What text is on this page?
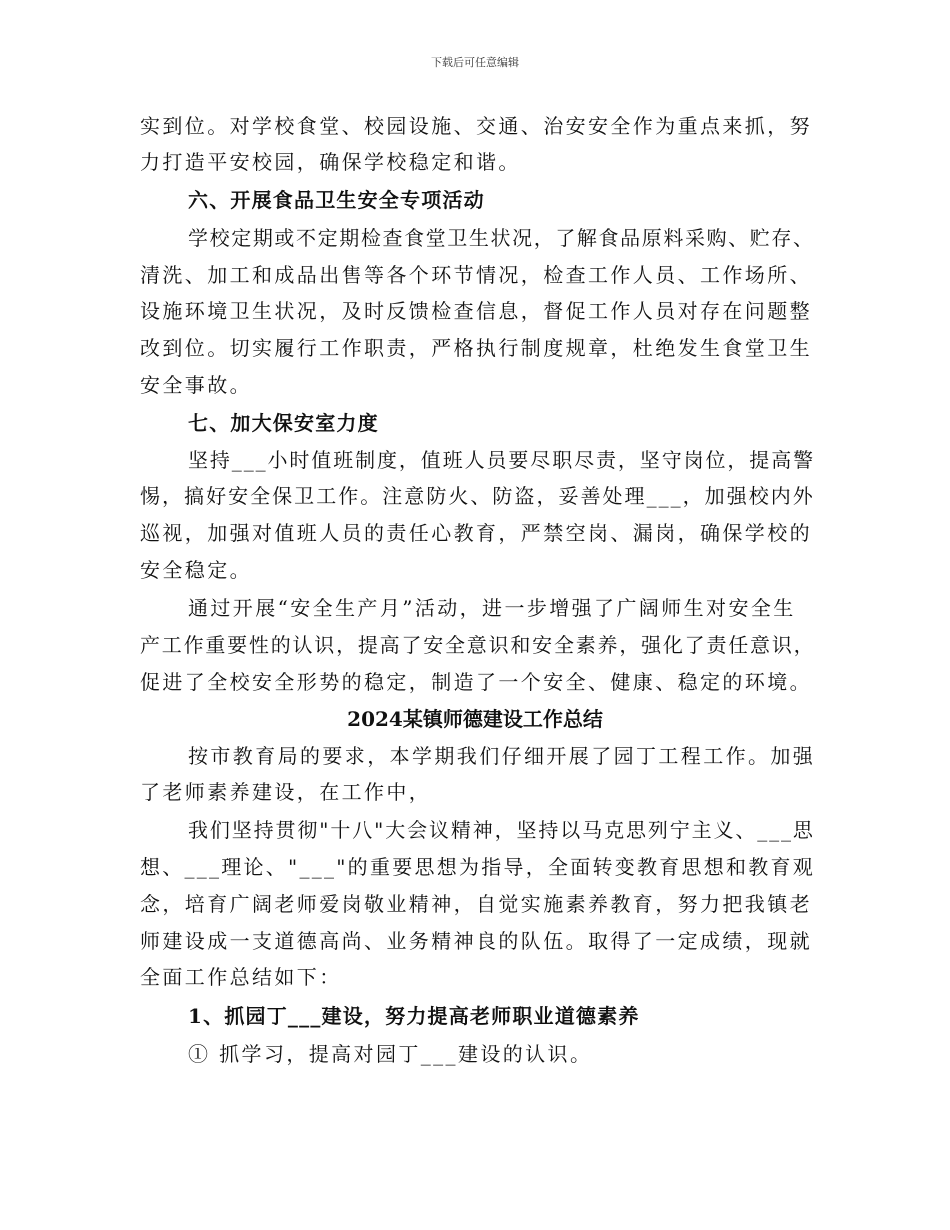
下载后可任意编辑
实到位。对学校食堂、校园设施、交通、治安安全作为重点来抓，努
力打造平安校园，确保学校稳定和谐。
六、开展食品卫生安全专项活动
学校定期或不定期检查食堂卫生状况，了解食品原料采购、贮存、
清洗、加工和成品出售等各个环节情况，检查工作人员、工作场所、
设施环境卫生状况，及时反馈检查信息，督促工作人员对存在问题整
改到位。切实履行工作职责，严格执行制度规章，杜绝发生食堂卫生
安全事故。
七、加大保安室力度
坚持___小时值班制度，值班人员要尽职尽责，坚守岗位，提高警
惕，搞好安全保卫工作。注意防火、防盗，妥善处理___，加强校内外
巡视，加强对值班人员的责任心教育，严禁空岗、漏岗，确保学校的
安全稳定。
通过开展“安全生产月”活动，进一步增强了广阔师生对安全生
产工作重要性的认识，提高了安全意识和安全素养，强化了责任意识，
促进了全校安全形势的稳定，制造了一个安全、健康、稳定的环境。
2024某镇师德建设工作总结
按市教育局的要求，本学期我们仔细开展了园丁工程工作。加强
了老师素养建设，在工作中，
我们坚持贯彻"十八"大会议精神，坚持以马克思列宁主义、___思
想、___理论、"___"的重要思想为指导，全面转变教育思想和教育观
念，培育广阔老师爱岗敬业精神，自觉实施素养教育，努力把我镇老
师建设成一支道德高尚、业务精神良的队伍。取得了一定成绩，现就
全面工作总结如下：
1、抓园丁___建设，努力提高老师职业道德素养
① 抓学习，提高对园丁___建设的认识。
